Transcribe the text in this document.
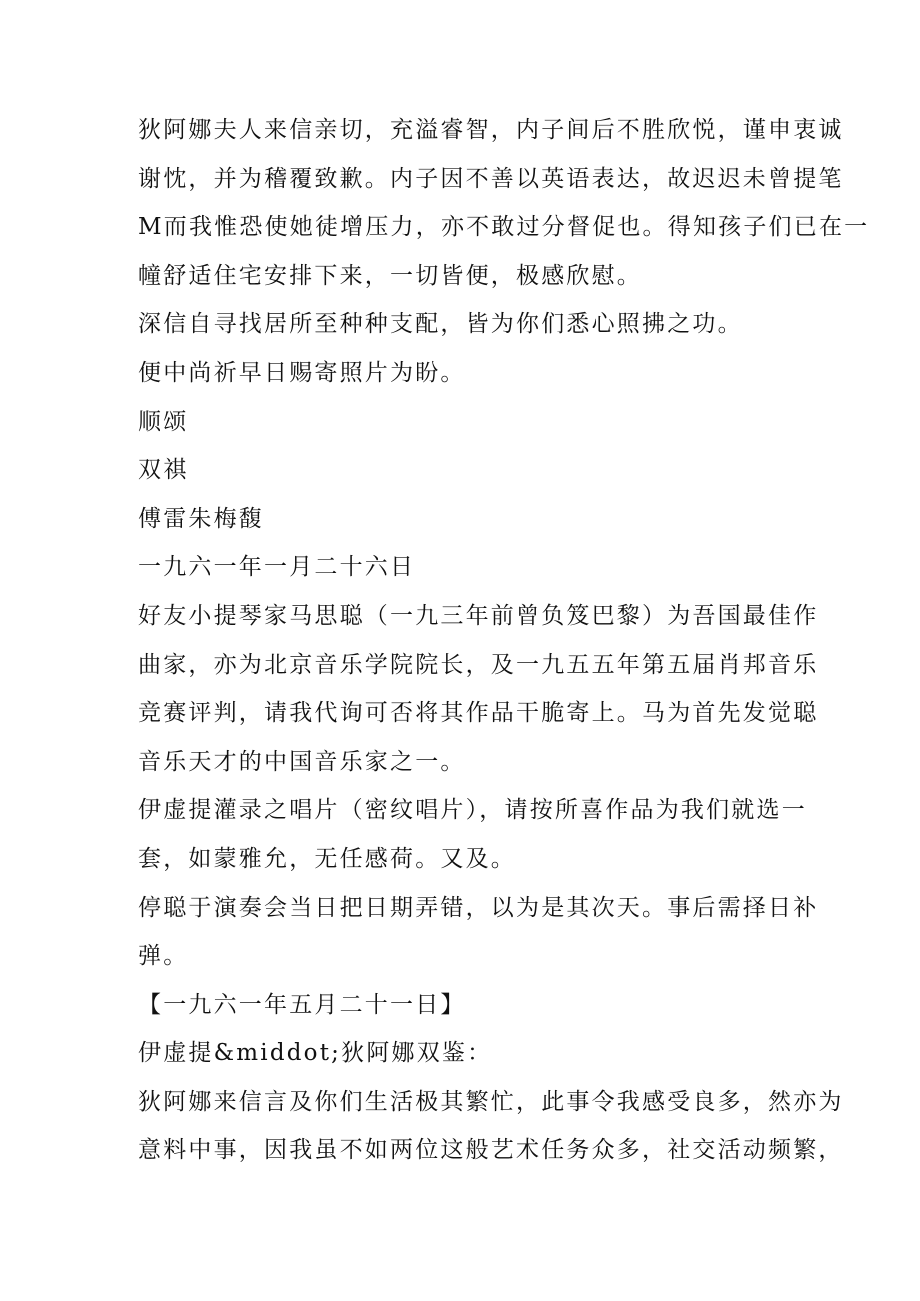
狄阿娜夫人来信亲切，充溢睿智，内子间后不胜欣悦，谨申衷诚
谢忱，并为稽覆致歉。内子因不善以英语表达，故迟迟未曾提笔
M而我惟恐使她徒增压力，亦不敢过分督促也。得知孩子们已在一
幢舒适住宅安排下来，一切皆便，极感欣慰。
深信自寻找居所至种种支配，皆为你们悉心照拂之功。
便中尚祈早日赐寄照片为盼。
顺颂
双祺
傅雷朱梅馥
一九六一年一月二十六日
好友小提琴家马思聪（一九三年前曾负笈巴黎）为吾国最佳作
曲家，亦为北京音乐学院院长，及一九五五年第五届肖邦音乐
竞赛评判，请我代询可否将其作品干脆寄上。马为首先发觉聪
音乐天才的中国音乐家之一。
伊虚提灌录之唱片（密纹唱片），请按所喜作品为我们就选一
套，如蒙雅允，无任感荷。又及。
停聪于演奏会当日把日期弄错，以为是其次天。事后需择日补
弹。
【一九六一年五月二十一日】
伊虚提&middot;狄阿娜双鉴：
狄阿娜来信言及你们生活极其繁忙，此事令我感受良多，然亦为
意料中事，因我虽不如两位这般艺术任务众多，社交活动频繁，
